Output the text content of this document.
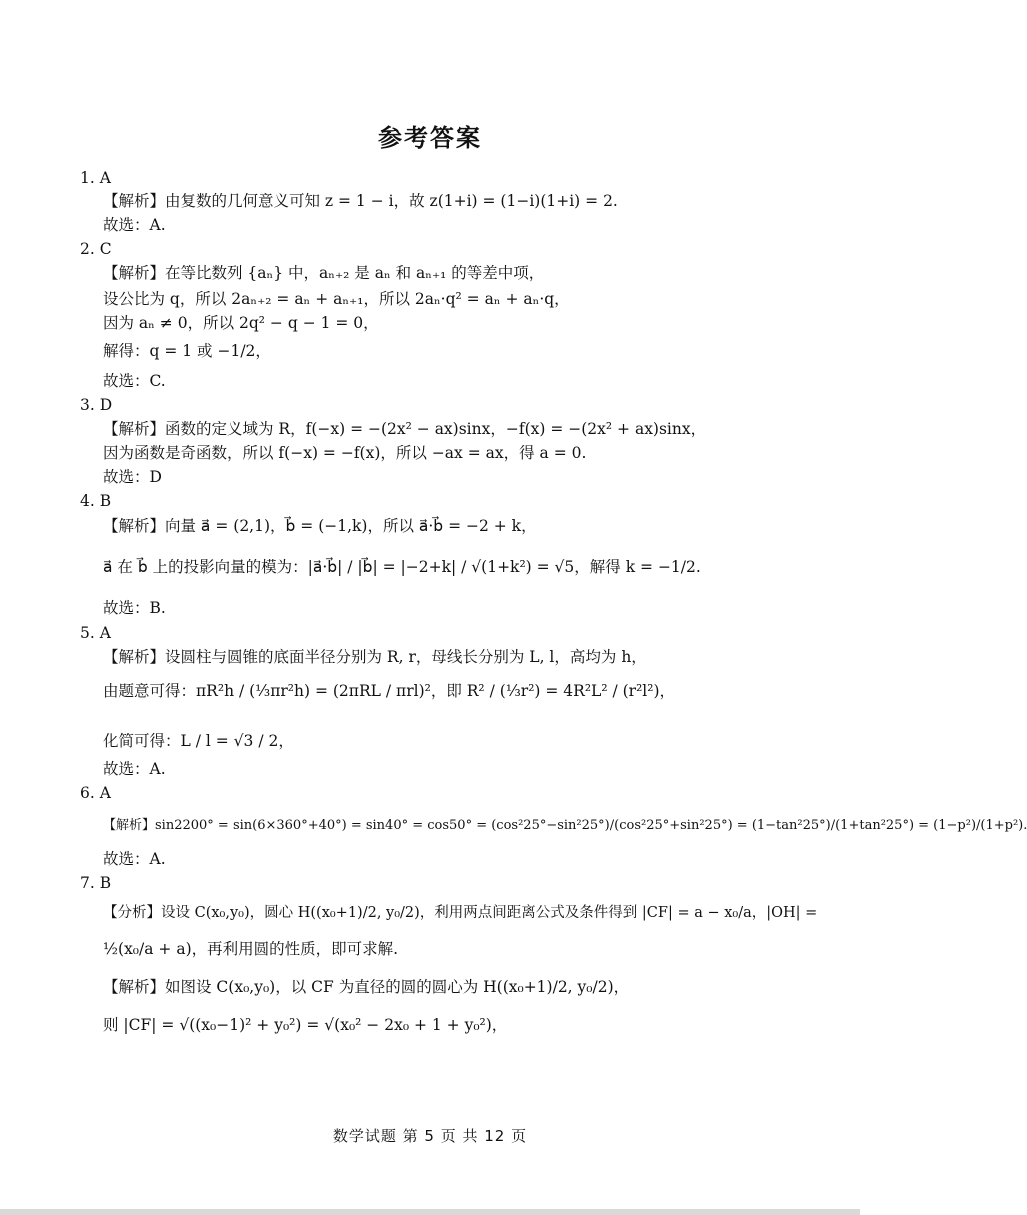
参考答案
1. A
【解析】由复数的几何意义可知 z = 1 − i，故 z(1+i) = (1−i)(1+i) = 2.
故选：A.
2. C
【解析】在等比数列 {aₙ} 中，aₙ₊₂ 是 aₙ 和 aₙ₊₁ 的等差中项，
设公比为 q，所以 2aₙ₊₂ = aₙ + aₙ₊₁，所以 2aₙ·q² = aₙ + aₙ·q，
因为 aₙ ≠ 0，所以 2q² − q − 1 = 0，
解得：q = 1 或 −1/2，
故选：C.
3. D
【解析】函数的定义域为 R，f(−x) = −(2x² − ax)sinx，−f(x) = −(2x² + ax)sinx，
因为函数是奇函数，所以 f(−x) = −f(x)，所以 −ax = ax，得 a = 0.
故选：D
4. B
【解析】向量 a⃗ = (2,1)，b⃗ = (−1,k)，所以 a⃗·b⃗ = −2 + k，
a⃗ 在 b⃗ 上的投影向量的模为：|a⃗·b⃗| / |b⃗| = |−2+k| / √(1+k²) = √5，解得 k = −1/2.
故选：B.
5. A
【解析】设圆柱与圆锥的底面半径分别为 R, r，母线长分别为 L, l，高均为 h，
由题意可得：πR²h / (⅓πr²h) = (2πRL / πrl)²，即 R² / (⅓r²) = 4R²L² / (r²l²)，
化简可得：L / l = √3 / 2，
故选：A.
6. A
【解析】sin2200° = sin(6×360°+40°) = sin40° = cos50° = (cos²25°−sin²25°)/(cos²25°+sin²25°) = (1−tan²25°)/(1+tan²25°) = (1−p²)/(1+p²).
故选：A.
7. B
【分析】设设 C(x₀,y₀)，圆心 H((x₀+1)/2, y₀/2)，利用两点间距离公式及条件得到 |CF| = a − x₀/a，|OH| =
½(x₀/a + a)，再利用圆的性质，即可求解.
【解析】如图设 C(x₀,y₀)，以 CF 为直径的圆的圆心为 H((x₀+1)/2, y₀/2)，
则 |CF| = √((x₀−1)² + y₀²) = √(x₀² − 2x₀ + 1 + y₀²)，
数学试题 第 5 页 共 12 页
